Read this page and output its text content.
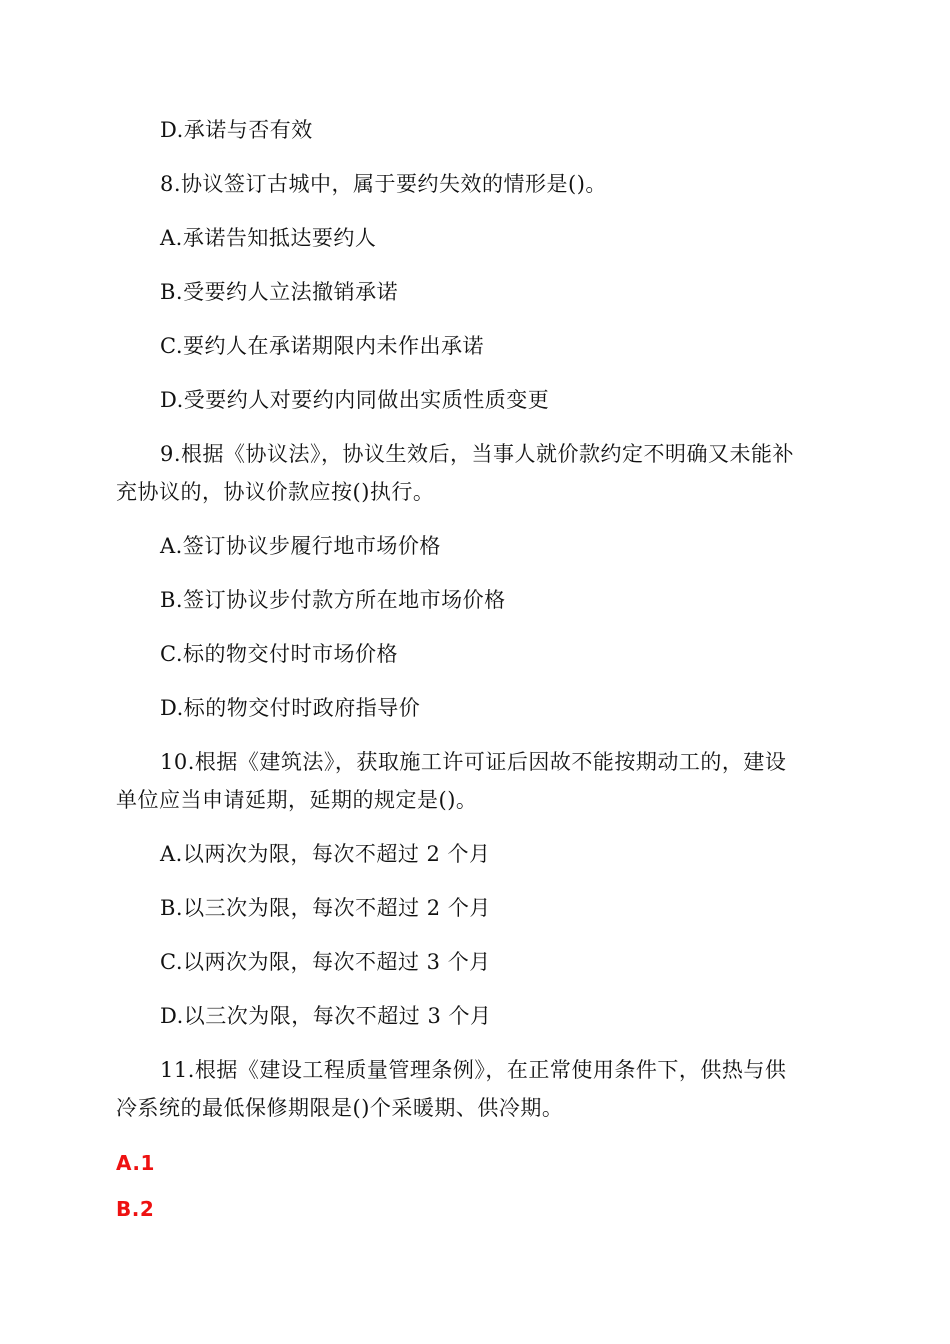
D.承诺与否有效
8.协议签订古城中，属于要约失效的情形是()。
A.承诺告知抵达要约人
B.受要约人立法撤销承诺
C.要约人在承诺期限内未作出承诺
D.受要约人对要约内同做出实质性质变更
9.根据《协议法》，协议生效后，当事人就价款约定不明确又未能补
充协议的，协议价款应按()执行。
A.签订协议步履行地市场价格
B.签订协议步付款方所在地市场价格
C.标的物交付时市场价格
D.标的物交付时政府指导价
10.根据《建筑法》，获取施工许可证后因故不能按期动工的，建设
单位应当申请延期，延期的规定是()。
A.以两次为限，每次不超过 2 个月
B.以三次为限，每次不超过 2 个月
C.以两次为限，每次不超过 3 个月
D.以三次为限，每次不超过 3 个月
11.根据《建设工程质量管理条例》，在正常使用条件下，供热与供
冷系统的最低保修期限是()个采暖期、供冷期。
A.1
B.2
